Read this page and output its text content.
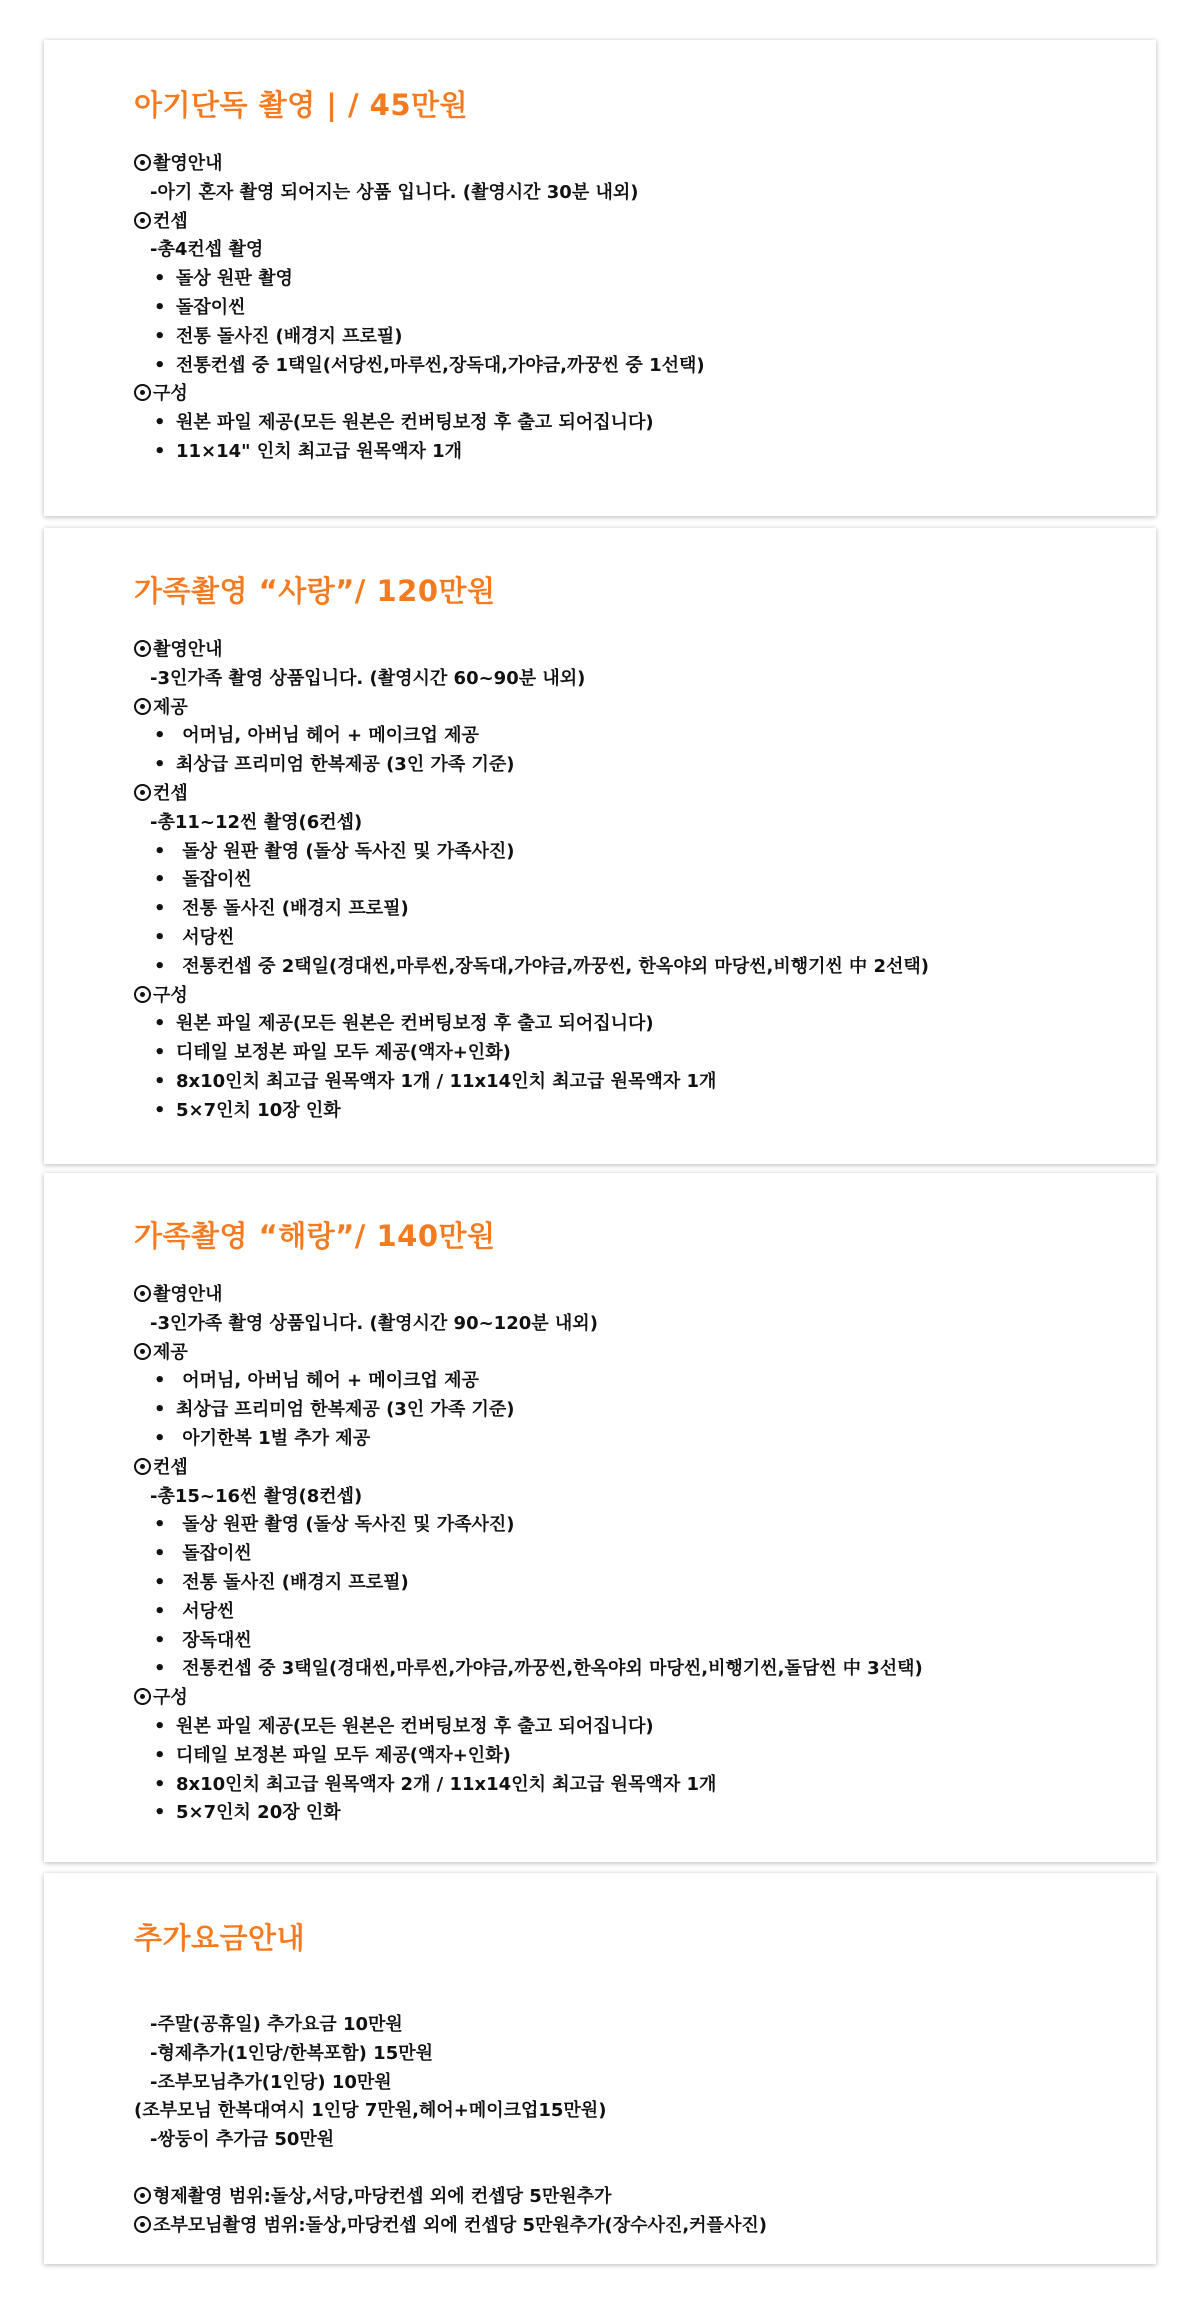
아기단독 촬영 | / 45만원
촬영안내
-아기 혼자 촬영 되어지는 상품 입니다. (촬영시간 30분 내외)
컨셉
-총4컨셉 촬영
• 돌상 원판 촬영
• 돌잡이씬
• 전통 돌사진 (배경지 프로필)
• 전통컨셉 중 1택일(서당씬,마루씬,장독대,가야금,까꿍씬 중 1선택)
구성
• 원본 파일 제공(모든 원본은 컨버팅보정 후 출고 되어집니다)
• 11×14" 인치 최고급 원목액자 1개
가족촬영 “사랑”/ 120만원
촬영안내
-3인가족 촬영 상품입니다. (촬영시간 60~90분 내외)
제공
• 어머님, 아버님 헤어 + 메이크업 제공
• 최상급 프리미엄 한복제공 (3인 가족 기준)
컨셉
-총11~12씬 촬영(6컨셉)
• 돌상 원판 촬영 (돌상 독사진 및 가족사진)
• 돌잡이씬
• 전통 돌사진 (배경지 프로필)
• 서당씬
• 전통컨셉 중 2택일(경대씬,마루씬,장독대,가야금,까꿍씬, 한옥야외 마당씬,비행기씬 中 2선택)
구성
• 원본 파일 제공(모든 원본은 컨버팅보정 후 출고 되어집니다)
• 디테일 보정본 파일 모두 제공(액자+인화)
• 8x10인치 최고급 원목액자 1개 / 11x14인치 최고급 원목액자 1개
• 5×7인치 10장 인화
가족촬영 “해랑”/ 140만원
촬영안내
-3인가족 촬영 상품입니다. (촬영시간 90~120분 내외)
제공
• 어머님, 아버님 헤어 + 메이크업 제공
• 최상급 프리미엄 한복제공 (3인 가족 기준)
• 아기한복 1벌 추가 제공
컨셉
-총15~16씬 촬영(8컨셉)
• 돌상 원판 촬영 (돌상 독사진 및 가족사진)
• 돌잡이씬
• 전통 돌사진 (배경지 프로필)
• 서당씬
• 장독대씬
• 전통컨셉 중 3택일(경대씬,마루씬,가야금,까꿍씬,한옥야외 마당씬,비행기씬,돌담씬 中 3선택)
구성
• 원본 파일 제공(모든 원본은 컨버팅보정 후 출고 되어집니다)
• 디테일 보정본 파일 모두 제공(액자+인화)
• 8x10인치 최고급 원목액자 2개 / 11x14인치 최고급 원목액자 1개
• 5×7인치 20장 인화
추가요금안내
-주말(공휴일) 추가요금 10만원
-형제추가(1인당/한복포함) 15만원
-조부모님추가(1인당) 10만원
(조부모님 한복대여시 1인당 7만원,헤어+메이크업15만원)
-쌍둥이 추가금 50만원
형제촬영 범위:돌상,서당,마당컨셉 외에 컨셉당 5만원추가
조부모님촬영 범위:돌상,마당컨셉 외에 컨셉당 5만원추가(장수사진,커플사진)
